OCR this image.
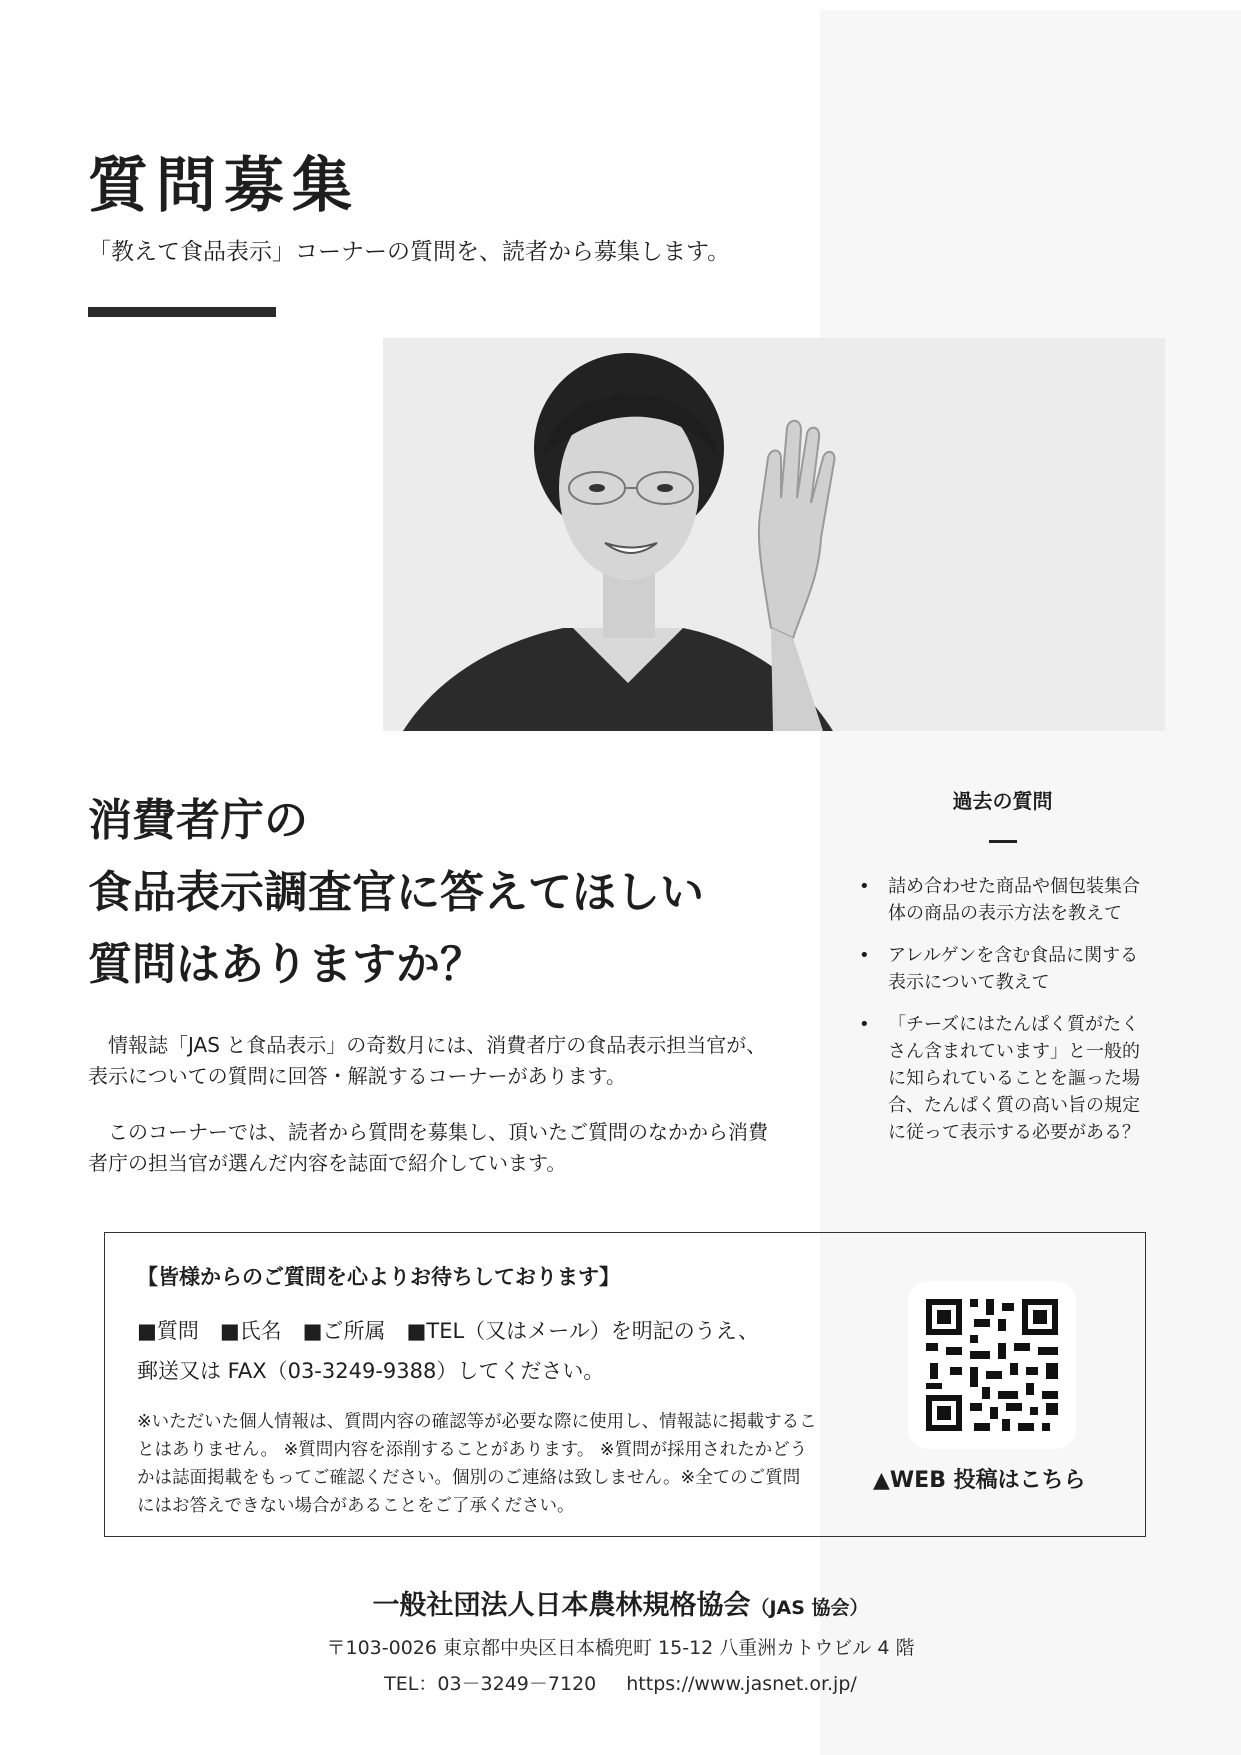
質問募集

「教えて食品表示」コーナーの質問を、読者から募集します。

消費者庁の
食品表示調査官に答えてほしい
質問はありますか？

情報誌「JAS と食品表示」の奇数月には、消費者庁の食品表示担当官が、表示についての質問に回答・解説するコーナーがあります。

このコーナーでは、読者から質問を募集し、頂いたご質問のなかから消費者庁の担当官が選んだ内容を誌面で紹介しています。

過去の質問

• 詰め合わせた商品や個包装集合体の商品の表示方法を教えて
• アレルゲンを含む食品に関する表示について教えて
• 「チーズにはたんぱく質がたくさん含まれています」と一般的に知られていることを謳った場合、たんぱく質の高い旨の規定に従って表示する必要がある？
【皆様からのご質問を心よりお待ちしております】
■質問　■氏名　■ご所属　■TEL（又はメール）を明記のうえ、
郵送又は FAX（03-3249-9388）してください。
※いただいた個人情報は、質問内容の確認等が必要な際に使用し、情報誌に掲載することはありません。 ※質問内容を添削することがあります。 ※質問が採用されたかどうかは誌面掲載をもってご確認ください。個別のご連絡は致しません。※全てのご質問にはお答えできない場合があることをご了承ください。
▲WEB 投稿はこちら
一般社団法人日本農林規格協会（JAS 協会）
〒103-0026 東京都中央区日本橋兜町 15-12 八重洲カトウビル 4 階
TEL：03－3249－7120 https://www.jasnet.or.jp/
